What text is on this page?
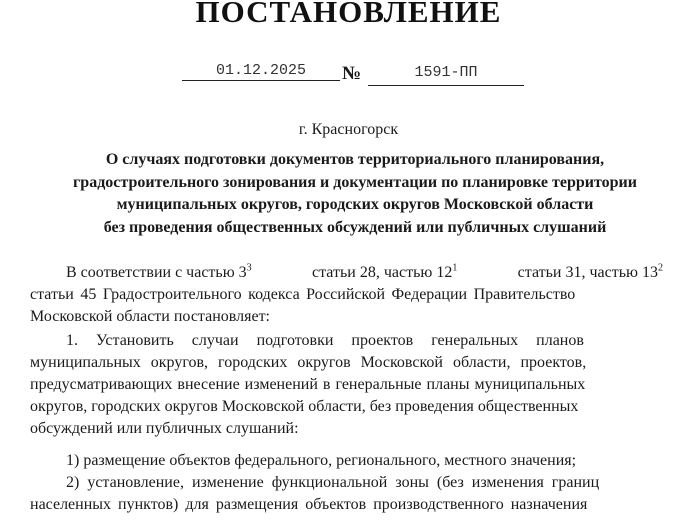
ПОСТАНОВЛЕНИЕ
01.12.2025	№	1591-ПП
г. Красногорск
О случаях подготовки документов территориального планирования,
градостроительного зонирования и документации по планировке территории
муниципальных округов, городских округов Московской области
без проведения общественных обсуждений или публичных слушаний
В соответствии с частью $3^3$	статьи 28, частью $12^1$	статьи 31, частью $13^2$
статьи 45 Градостроительного кодекса Российской Федерации Правительство
Московской области постановляет:
1.   Установить   случаи   подготовки   проектов   генеральных   планов
муниципальных округов, городских округов Московской области, проектов,
предусматривающих внесение изменений в генеральные планы муниципальных
округов, городских округов Московской области, без проведения общественных
обсуждений или публичных слушаний:
1) размещение объектов федерального, регионального, местного значения;
2) установление, изменение функциональной зоны (без изменения границ
населенных пунктов) для размещения объектов производственного назначения
